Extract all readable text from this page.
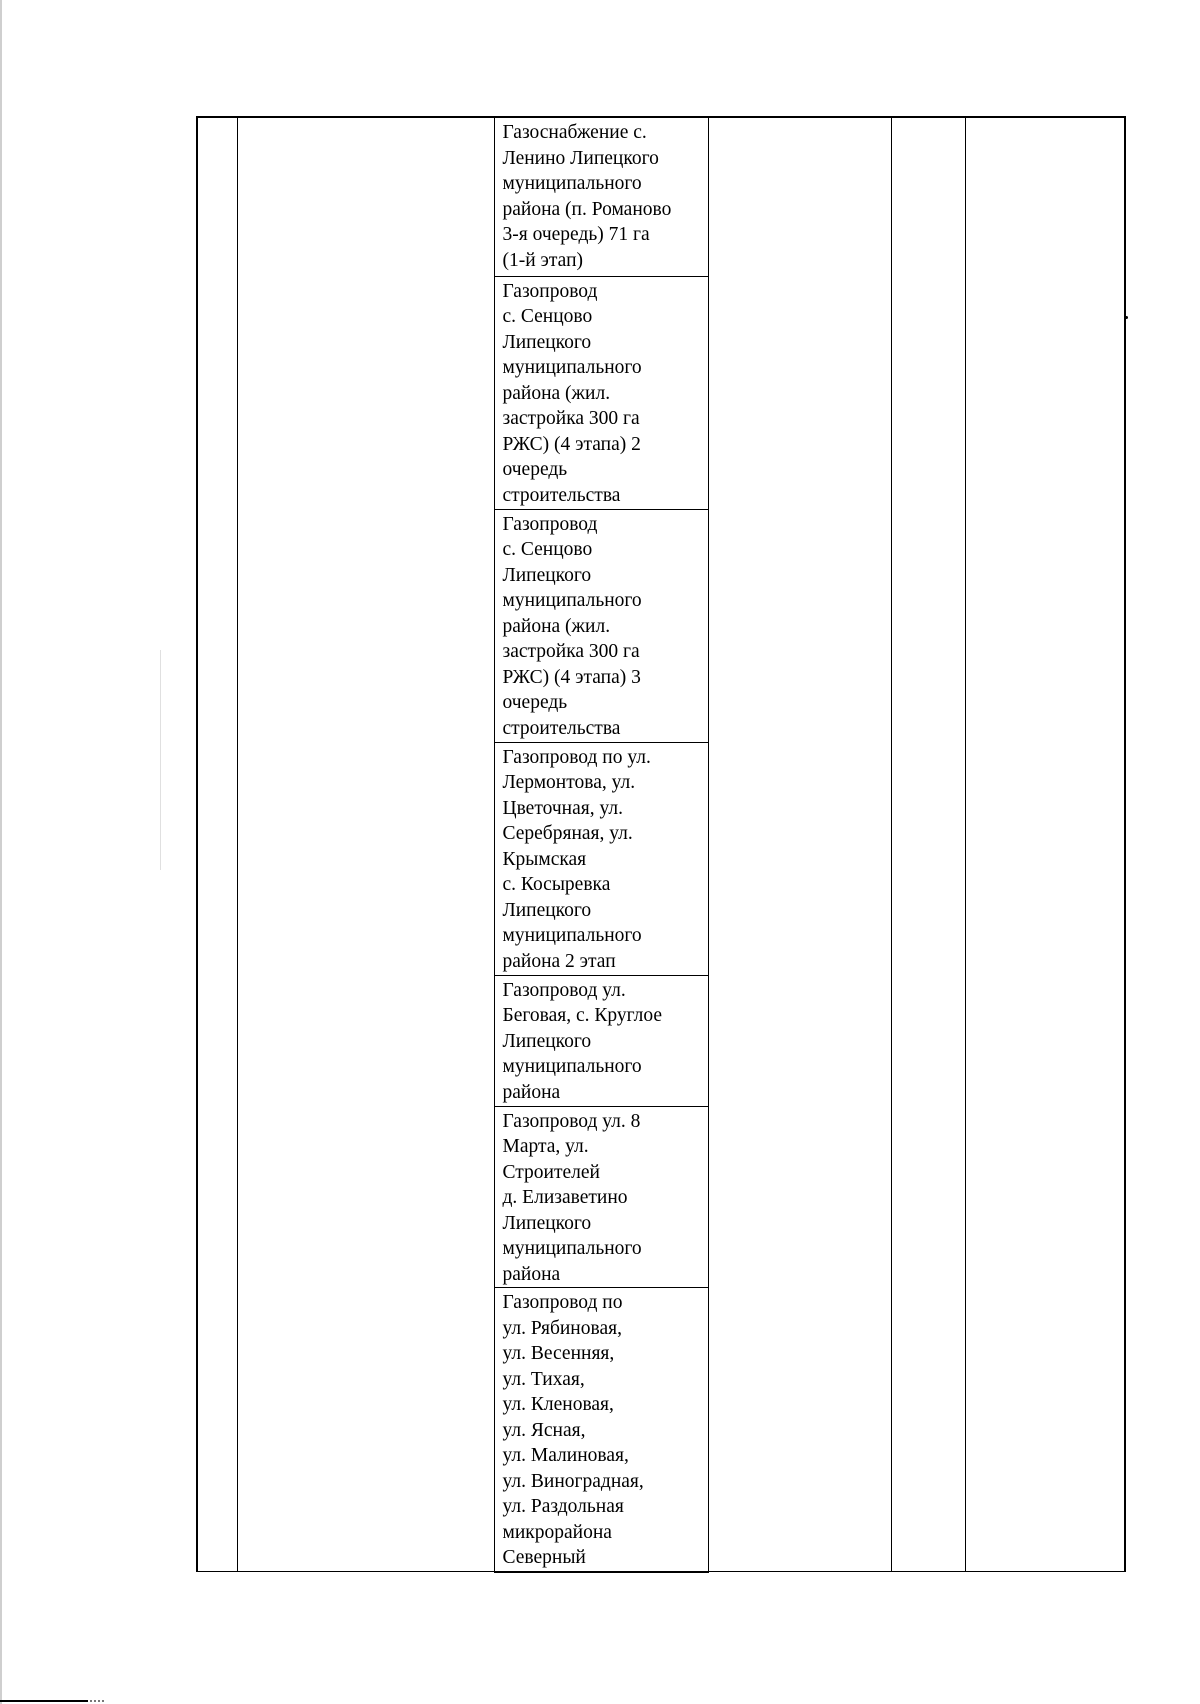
Газоснабжение с.
Ленино Липецкого
муниципального
района (п. Романово
3-я очередь) 71 га
(1-й этап)

Газопровод
с. Сенцово
Липецкого
муниципального
района (жил.
застройка 300 га
РЖС) (4 этапа) 2
очередь
строительства

Газопровод
с. Сенцово
Липецкого
муниципального
района (жил.
застройка 300 га
РЖС) (4 этапа) 3
очередь
строительства

Газопровод по ул.
Лермонтова, ул.
Цветочная, ул.
Серебряная, ул.
Крымская
с. Косыревка
Липецкого
муниципального
района 2 этап

Газопровод ул.
Беговая, с. Круглое
Липецкого
муниципального
района

Газопровод ул. 8
Марта, ул.
Строителей
д. Елизаветино
Липецкого
муниципального
района

Газопровод по
ул. Рябиновая,
ул. Весенняя,
ул. Тихая,
ул. Кленовая,
ул. Ясная,
ул. Малиновая,
ул. Виноградная,
ул. Раздольная
микрорайона
Северный
